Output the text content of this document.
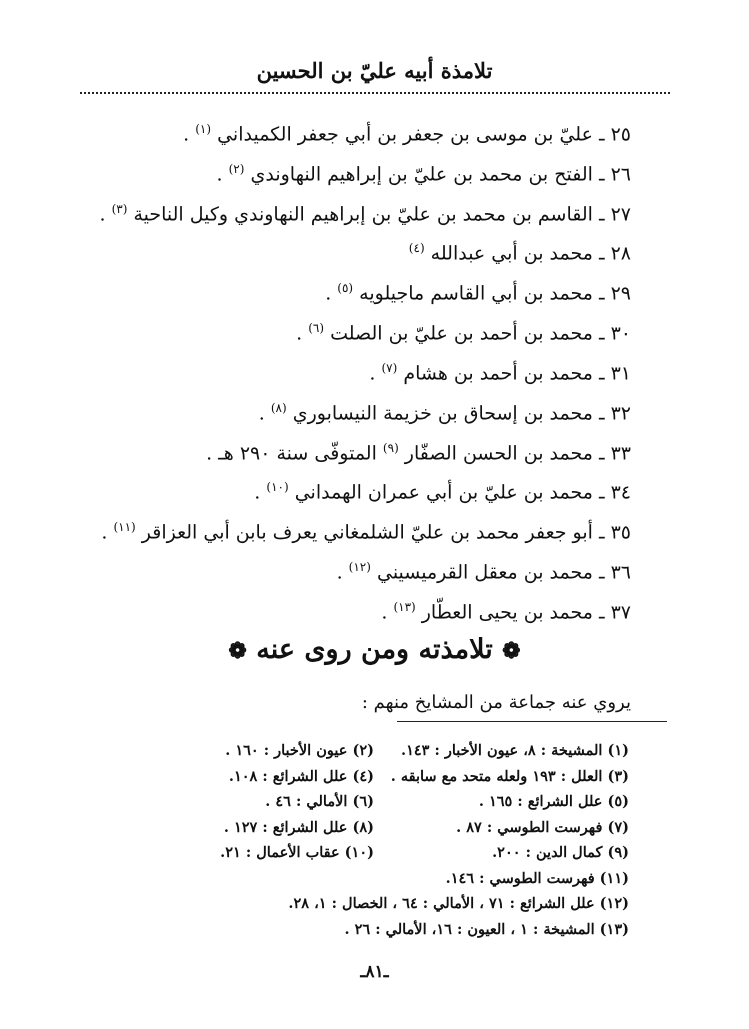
تلامذة أبيه عليّ بن الحسين
٢٥ ـ عليّ بن موسى بن جعفر بن أبي جعفر الكميداني $^{(١)}$ .
٢٦ ـ الفتح بن محمد بن عليّ بن إبراهيم النهاوندي $^{(٢)}$ .
٢٧ ـ القاسم بن محمد بن عليّ بن إبراهيم النهاوندي وكيل الناحية $^{(٣)}$ .
٢٨ ـ محمد بن أبي عبدالله $^{(٤)}$
٢٩ ـ محمد بن أبي القاسم ماجيلويه $^{(٥)}$ .
٣٠ ـ محمد بن أحمد بن عليّ بن الصلت $^{(٦)}$ .
٣١ ـ محمد بن أحمد بن هشام $^{(٧)}$ .
٣٢ ـ محمد بن إسحاق بن خزيمة النيسابوري $^{(٨)}$ .
٣٣ ـ محمد بن الحسن الصفّار $^{(٩)}$ المتوفّى سنة ٢٩٠ هـ .
٣٤ ـ محمد بن عليّ بن أبي عمران الهمداني $^{(١٠)}$ .
٣٥ ـ أبو جعفر محمد بن عليّ الشلمغاني يعرف بابن أبي العزاقر $^{(١١)}$ .
٣٦ ـ محمد بن معقل القرميسيني $^{(١٢)}$ .
٣٧ ـ محمد بن يحيى العطّار $^{(١٣)}$ .
❁ تلامذته ومن روى عنه ❁
يروي عنه جماعة من المشايخ منهم :
(١) المشيخة : ٨، عيون الأخبار : ١٤٣.
(٢) عيون الأخبار : ١٦٠ .
(٣) العلل : ١٩٣ ولعله متحد مع سابقه .
(٤) علل الشرائع : ١٠٨.
(٥) علل الشرائع : ١٦٥ .
(٦) الأمالي : ٤٦ .
(٧) فهرست الطوسي : ٨٧ .
(٨) علل الشرائع : ١٢٧ .
(٩) كمال الدين : ٢٠٠.
(١٠) عقاب الأعمال : ٢١.
(١١) فهرست الطوسي : ١٤٦.
(١٢) علل الشرائع : ٧١ ، الأمالي : ٦٤ ، الخصال : ١، ٢٨.
(١٣) المشيخة : ١ ، العيون : ١٦، الأمالي : ٢٦ .
ـ٨١ـ
